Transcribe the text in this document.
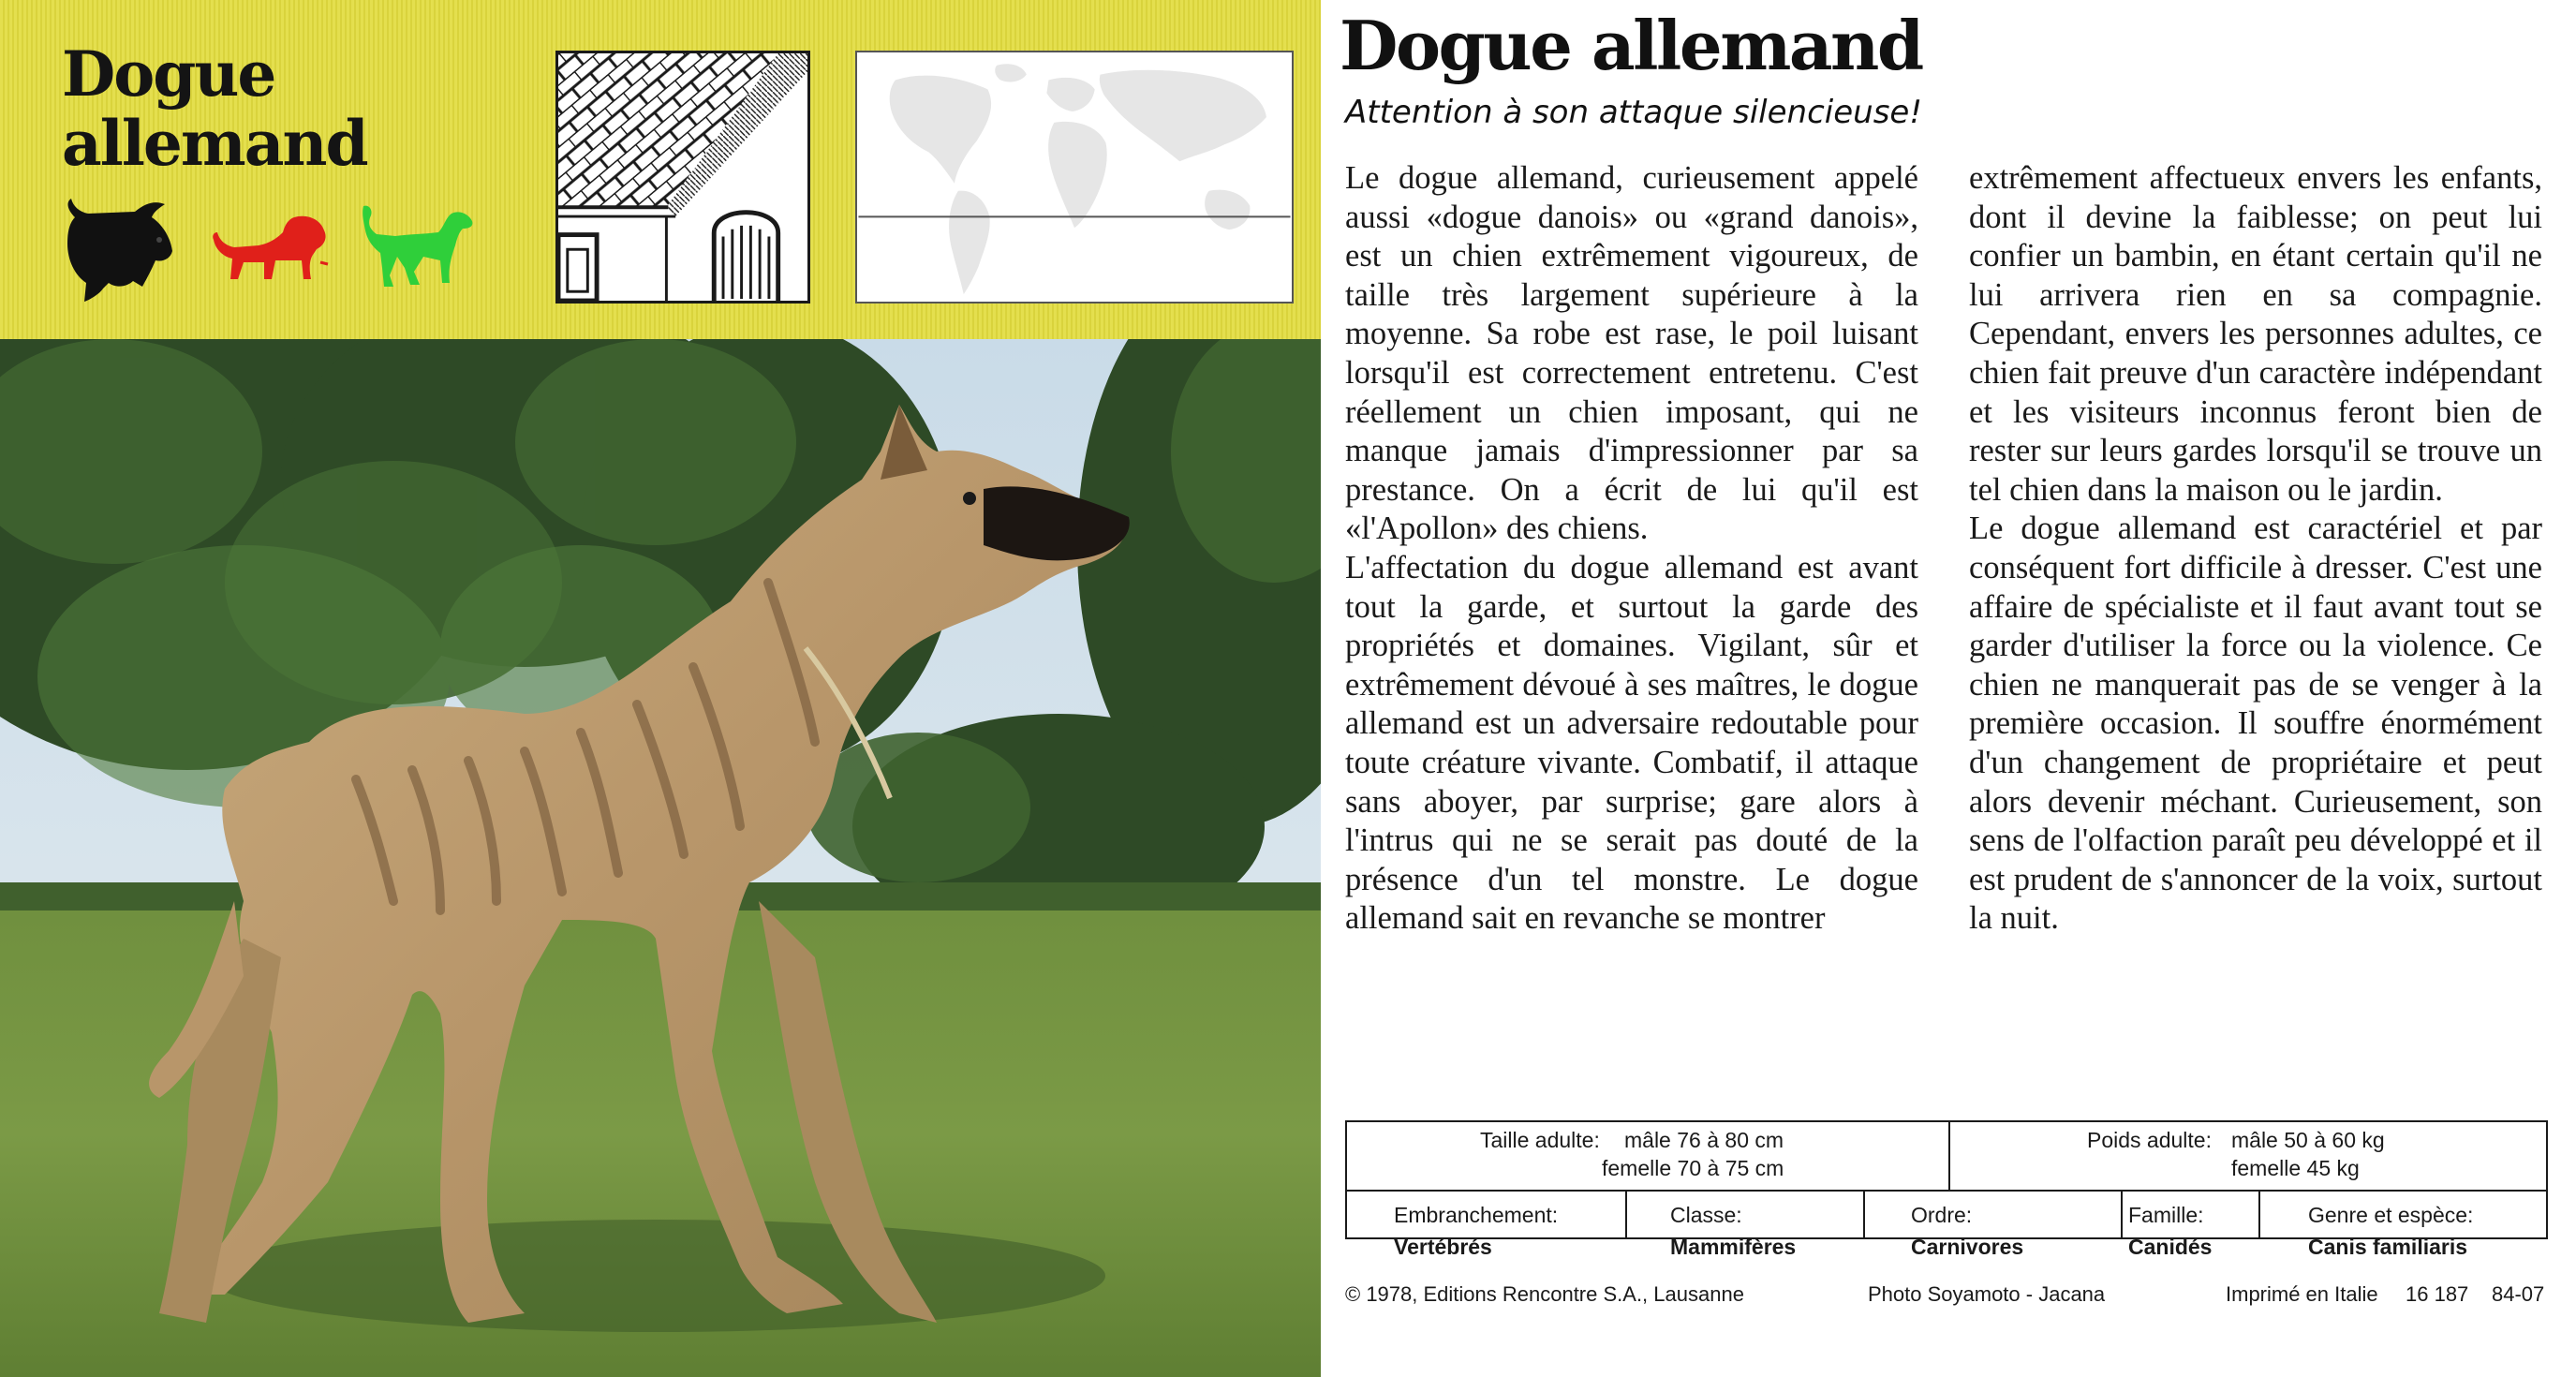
Dogue
allemand
Dogue allemand
Attention à son attaque silencieuse!

Le dogue allemand, curieusement appelé aussi «dogue danois» ou «grand danois», est un chien extrêmement vigoureux, de taille très largement supérieure à la moyenne. Sa robe est rase, le poil luisant lorsqu'il est correctement entretenu. C'est réellement un chien imposant, qui ne manque jamais d'impressionner par sa prestance. On a écrit de lui qu'il est «l'Apollon» des chiens.

L'affectation du dogue allemand est avant tout la garde, et surtout la garde des propriétés et domaines. Vigilant, sûr et extrêmement dévoué à ses maîtres, le dogue allemand est un adversaire redoutable pour toute créature vivante. Combatif, il attaque sans aboyer, par surprise; gare alors à l'intrus qui ne se serait pas douté de la présence d'un tel monstre. Le dogue allemand sait en revanche se montrer

extrêmement affectueux envers les enfants, dont il devine la faiblesse; on peut lui confier un bambin, en étant certain qu'il ne lui arrivera rien en sa compagnie. Cependant, envers les personnes adultes, ce chien fait preuve d'un caractère indépendant et les visiteurs inconnus feront bien de rester sur leurs gardes lorsqu'il se trouve un tel chien dans la maison ou le jardin.

Le dogue allemand est caractériel et par conséquent fort difficile à dresser. C'est une affaire de spécialiste et il faut avant tout se garder d'utiliser la force ou la violence. Ce chien ne manquerait pas de se venger à la première occasion. Il souffre énormément d'un changement de propriétaire et peut alors devenir méchant. Curieusement, son sens de l'olfaction paraît peu développé et il est prudent de s'annoncer de la voix, surtout la nuit.

Taille adulte: mâle 76 à 80 cm
femelle 70 à 75 cm
Poids adulte: mâle 50 à 60 kg
femelle 45 kg
Embranchement:
Vertébrés
Classe:
Mammifères
Ordre:
Carnivores
Famille:
Canidés
Genre et espèce:
Canis familiaris
© 1978, Editions Rencontre S.A., Lausanne	Photo Soyamoto - Jacana	Imprimé en Italie 16 187 84-07
